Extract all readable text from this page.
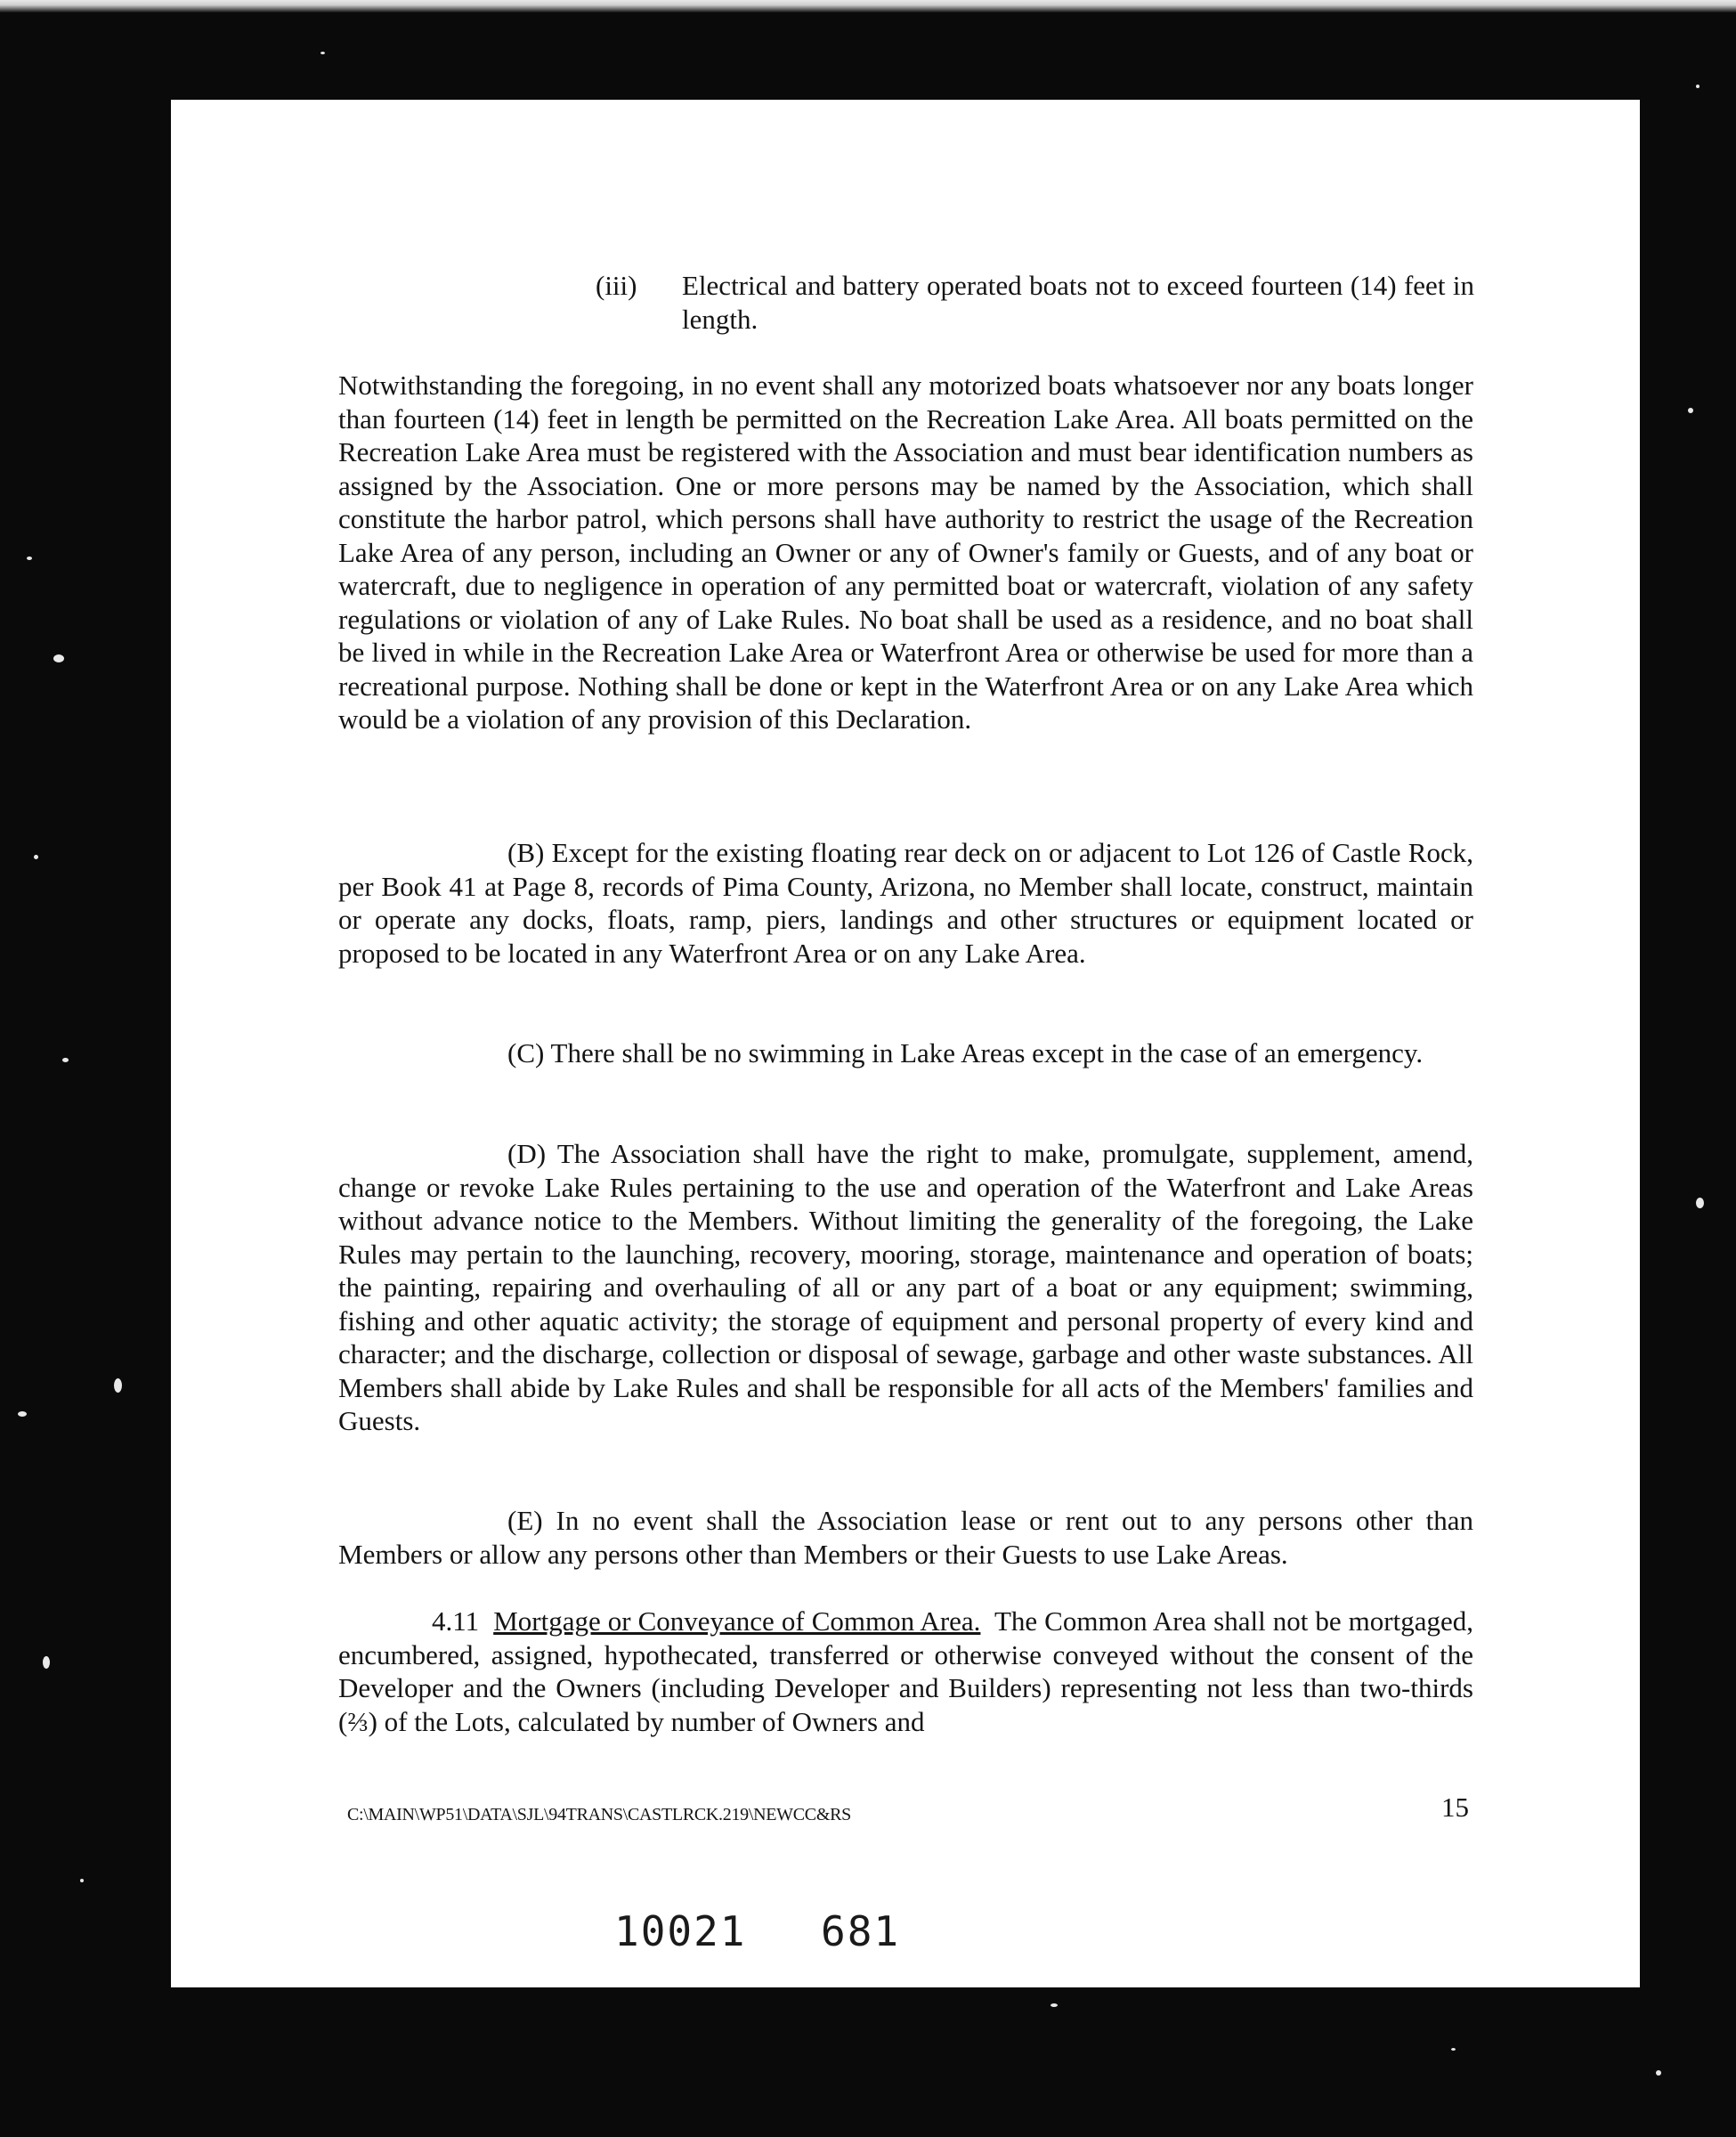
(iii) Electrical and battery operated boats not to exceed fourteen (14) feet in length.
Notwithstanding the foregoing, in no event shall any motorized boats whatsoever nor any boats longer than fourteen (14) feet in length be permitted on the Recreation Lake Area. All boats permitted on the Recreation Lake Area must be registered with the Association and must bear identification numbers as assigned by the Association. One or more persons may be named by the Association, which shall constitute the harbor patrol, which persons shall have authority to restrict the usage of the Recreation Lake Area of any person, including an Owner or any of Owner's family or Guests, and of any boat or watercraft, due to negligence in operation of any permitted boat or watercraft, violation of any safety regulations or violation of any of Lake Rules. No boat shall be used as a residence, and no boat shall be lived in while in the Recreation Lake Area or Waterfront Area or otherwise be used for more than a recreational purpose. Nothing shall be done or kept in the Waterfront Area or on any Lake Area which would be a violation of any provision of this Declaration.
(B) Except for the existing floating rear deck on or adjacent to Lot 126 of Castle Rock, per Book 41 at Page 8, records of Pima County, Arizona, no Member shall locate, construct, maintain or operate any docks, floats, ramp, piers, landings and other structures or equipment located or proposed to be located in any Waterfront Area or on any Lake Area.
(C) There shall be no swimming in Lake Areas except in the case of an emergency.
(D) The Association shall have the right to make, promulgate, supplement, amend, change or revoke Lake Rules pertaining to the use and operation of the Waterfront and Lake Areas without advance notice to the Members. Without limiting the generality of the foregoing, the Lake Rules may pertain to the launching, recovery, mooring, storage, maintenance and operation of boats; the painting, repairing and overhauling of all or any part of a boat or any equipment; swimming, fishing and other aquatic activity; the storage of equipment and personal property of every kind and character; and the discharge, collection or disposal of sewage, garbage and other waste substances. All Members shall abide by Lake Rules and shall be responsible for all acts of the Members' families and Guests.
(E) In no event shall the Association lease or rent out to any persons other than Members or allow any persons other than Members or their Guests to use Lake Areas.
4.11 Mortgage or Conveyance of Common Area. The Common Area shall not be mortgaged, encumbered, assigned, hypothecated, transferred or otherwise conveyed without the consent of the Developer and the Owners (including Developer and Builders) representing not less than two-thirds (⅔) of the Lots, calculated by number of Owners and
C:\MAIN\WP51\DATA\SJL\94TRANS\CASTLRCK.219\NEWCC&RS	15
10021 681
